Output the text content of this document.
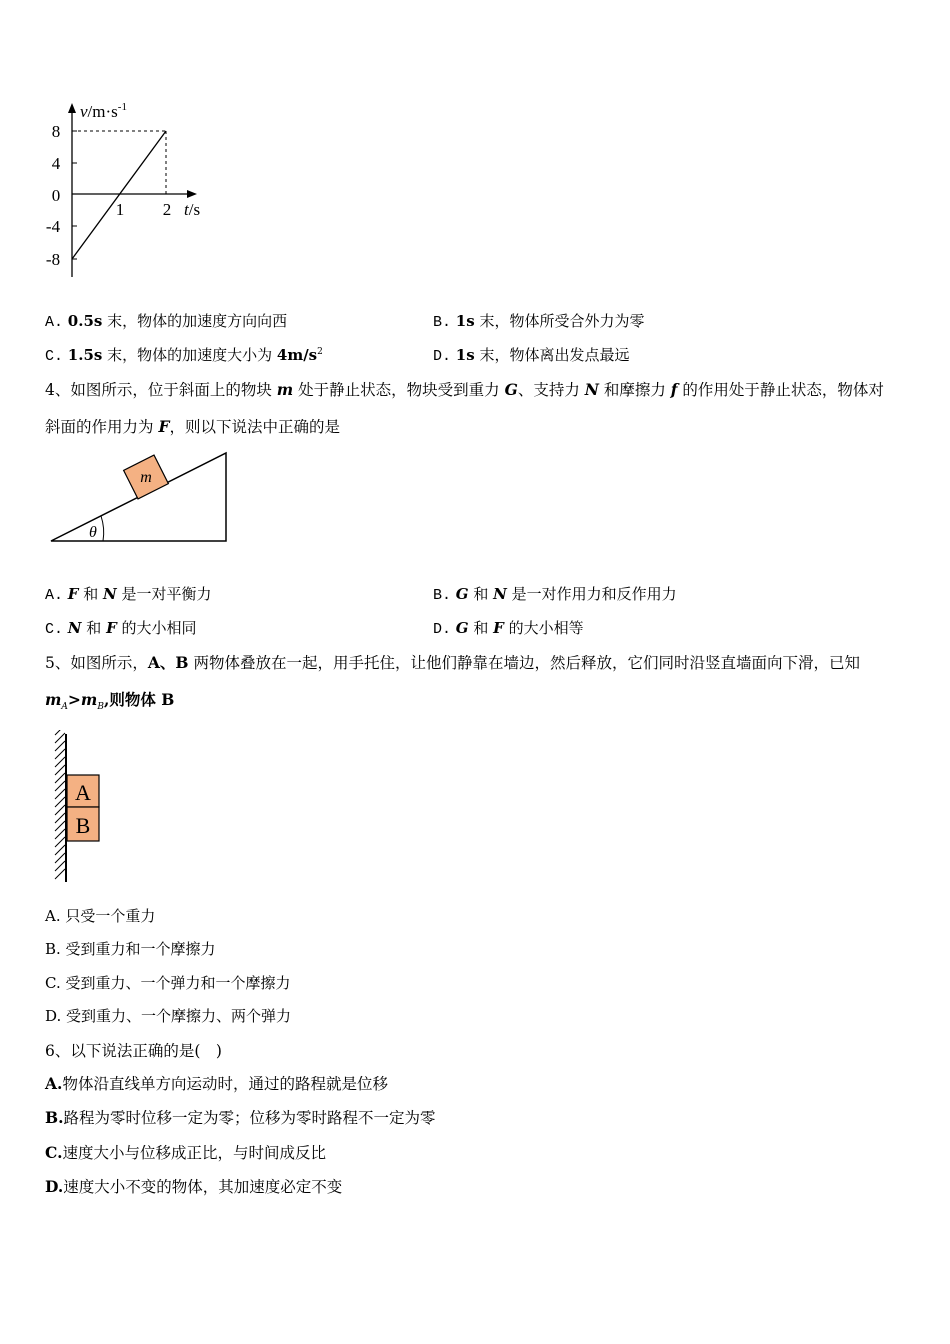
$v/m\cdot s^{-1}$
8
4
0
-4
-8
1 2 t/s
A. 0.5s 末，物体的加速度方向向西	B. 1s 末，物体所受合外力为零
C. 1.5s 末，物体的加速度大小为 $4m/s^2$	D. 1s 末，物体离出发点最远
4、如图所示，位于斜面上的物块 m 处于静止状态，物块受到重力 G、支持力 N 和摩擦力 f 的作用处于静止状态，物体对
斜面的作用力为 F，则以下说法中正确的是
θ
m
A. F 和 N 是一对平衡力	B. G 和 N 是一对作用力和反作用力
C. N 和 F 的大小相同	D. G 和 F 的大小相等
5、如图所示，A、B 两物体叠放在一起，用手托住，让他们静靠在墙边，然后释放，它们同时沿竖直墙面向下滑，已知
$m_A>m_B$,则物体 B
A
B
A. 只受一个重力
B. 受到重力和一个摩擦力
C. 受到重力、一个弹力和一个摩擦力
D. 受到重力、一个摩擦力、两个弹力
6、以下说法正确的是(　)
A.物体沿直线单方向运动时，通过的路程就是位移
B.路程为零时位移一定为零；位移为零时路程不一定为零
C.速度大小与位移成正比，与时间成反比
D.速度大小不变的物体，其加速度必定不变
